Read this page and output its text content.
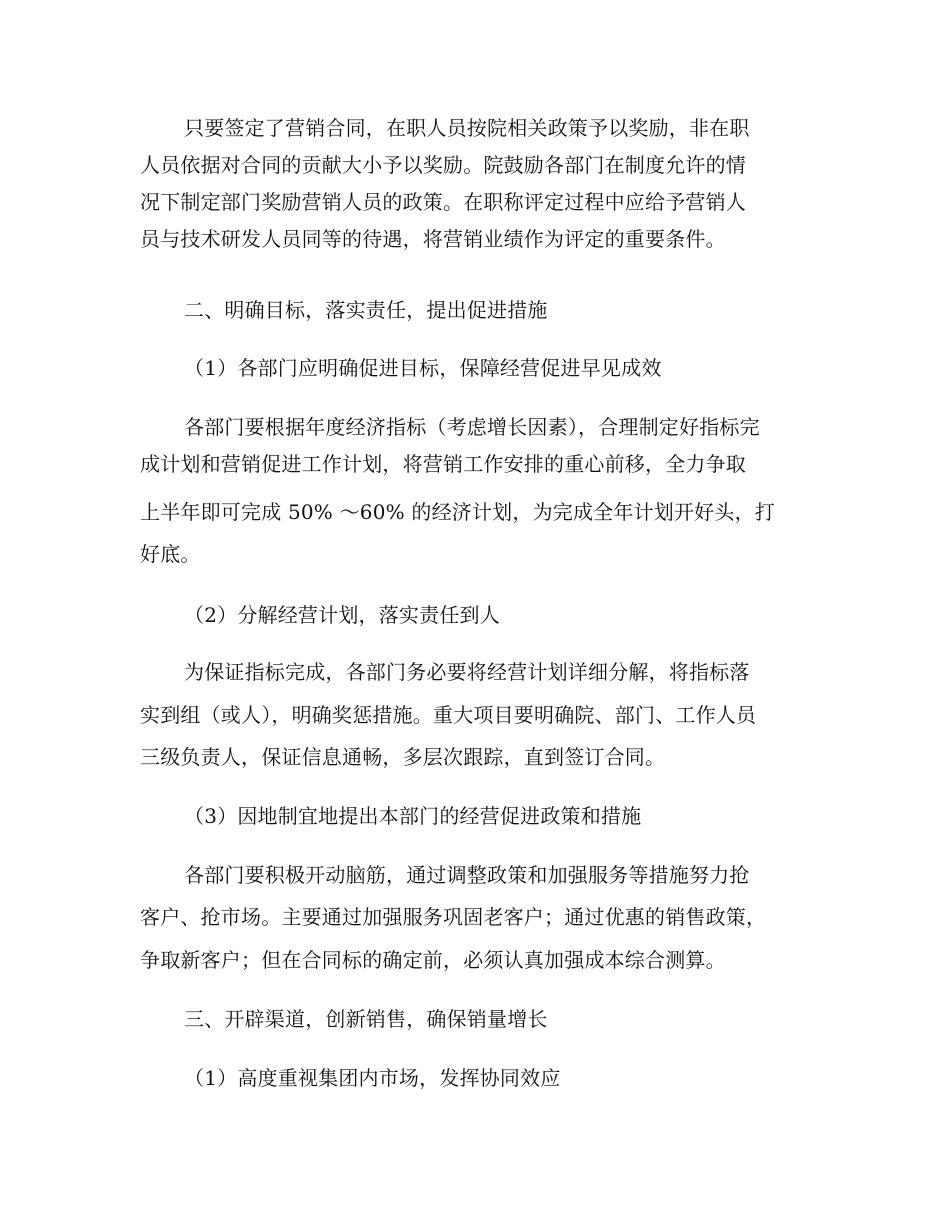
只要签定了营销合同，在职人员按院相关政策予以奖励，非在职
人员依据对合同的贡献大小予以奖励。院鼓励各部门在制度允许的情
况下制定部门奖励营销人员的政策。在职称评定过程中应给予营销人
员与技术研发人员同等的待遇，将营销业绩作为评定的重要条件。
二、明确目标，落实责任，提出促进措施
（1）各部门应明确促进目标，保障经营促进早见成效
各部门要根据年度经济指标（考虑增长因素），合理制定好指标完
成计划和营销促进工作计划，将营销工作安排的重心前移，全力争取
上半年即可完成 50% ～60% 的经济计划，为完成全年计划开好头，打
好底。
（2）分解经营计划，落实责任到人
为保证指标完成，各部门务必要将经营计划详细分解，将指标落
实到组（或人），明确奖惩措施。重大项目要明确院、部门、工作人员
三级负责人，保证信息通畅，多层次跟踪，直到签订合同。
（3）因地制宜地提出本部门的经营促进政策和措施
各部门要积极开动脑筋，通过调整政策和加强服务等措施努力抢
客户、抢市场。主要通过加强服务巩固老客户；通过优惠的销售政策，
争取新客户；但在合同标的确定前，必须认真加强成本综合测算。
三、开辟渠道，创新销售，确保销量增长
（1）高度重视集团内市场，发挥协同效应
